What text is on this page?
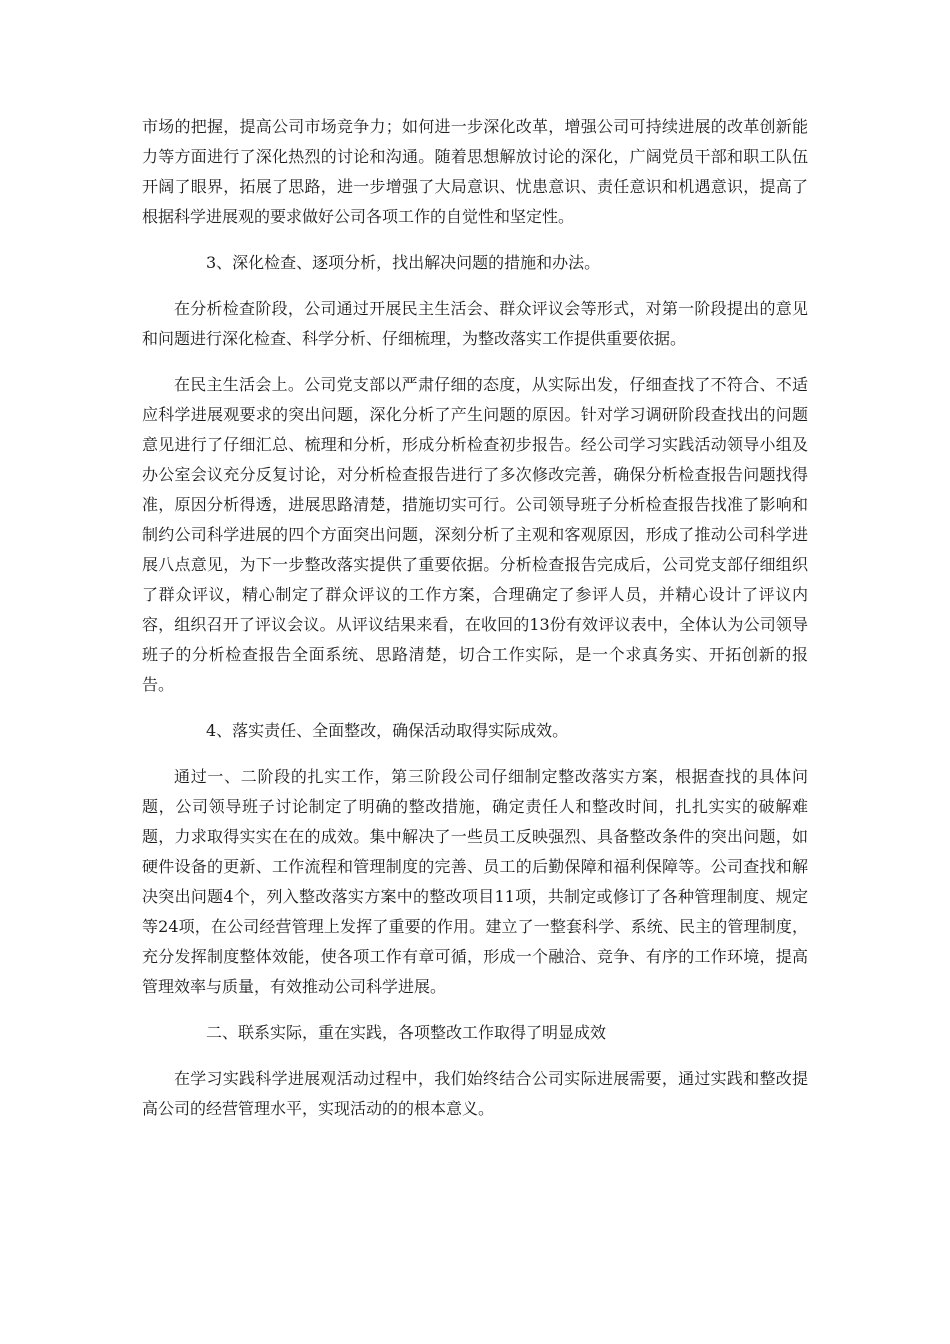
市场的把握，提高公司市场竞争力；如何进一步深化改革，增强公司可持续进展的改革创新能力等方面进行了深化热烈的讨论和沟通。随着思想解放讨论的深化，广阔党员干部和职工队伍开阔了眼界，拓展了思路，进一步增强了大局意识、忧患意识、责任意识和机遇意识，提高了根据科学进展观的要求做好公司各项工作的自觉性和坚定性。

3、深化检查、逐项分析，找出解决问题的措施和办法。

在分析检查阶段，公司通过开展民主生活会、群众评议会等形式，对第一阶段提出的意见和问题进行深化检查、科学分析、仔细梳理，为整改落实工作提供重要依据。

在民主生活会上。公司党支部以严肃仔细的态度，从实际出发，仔细查找了不符合、不适应科学进展观要求的突出问题，深化分析了产生问题的原因。针对学习调研阶段查找出的问题意见进行了仔细汇总、梳理和分析，形成分析检查初步报告。经公司学习实践活动领导小组及办公室会议充分反复讨论，对分析检查报告进行了多次修改完善，确保分析检查报告问题找得准，原因分析得透，进展思路清楚，措施切实可行。公司领导班子分析检查报告找准了影响和制约公司科学进展的四个方面突出问题，深刻分析了主观和客观原因，形成了推动公司科学进展八点意见，为下一步整改落实提供了重要依据。分析检查报告完成后，公司党支部仔细组织了群众评议，精心制定了群众评议的工作方案，合理确定了参评人员，并精心设计了评议内容，组织召开了评议会议。从评议结果来看，在收回的13份有效评议表中，全体认为公司领导班子的分析检查报告全面系统、思路清楚，切合工作实际，是一个求真务实、开拓创新的报告。

4、落实责任、全面整改，确保活动取得实际成效。

通过一、二阶段的扎实工作，第三阶段公司仔细制定整改落实方案，根据查找的具体问题，公司领导班子讨论制定了明确的整改措施，确定责任人和整改时间，扎扎实实的破解难题，力求取得实实在在的成效。集中解决了一些员工反映强烈、具备整改条件的突出问题，如硬件设备的更新、工作流程和管理制度的完善、员工的后勤保障和福利保障等。公司查找和解决突出问题4个，列入整改落实方案中的整改项目11项，共制定或修订了各种管理制度、规定等24项，在公司经营管理上发挥了重要的作用。建立了一整套科学、系统、民主的管理制度，充分发挥制度整体效能，使各项工作有章可循，形成一个融洽、竞争、有序的工作环境，提高管理效率与质量，有效推动公司科学进展。

二、联系实际，重在实践，各项整改工作取得了明显成效

在学习实践科学进展观活动过程中，我们始终结合公司实际进展需要，通过实践和整改提高公司的经营管理水平，实现活动的的根本意义。
